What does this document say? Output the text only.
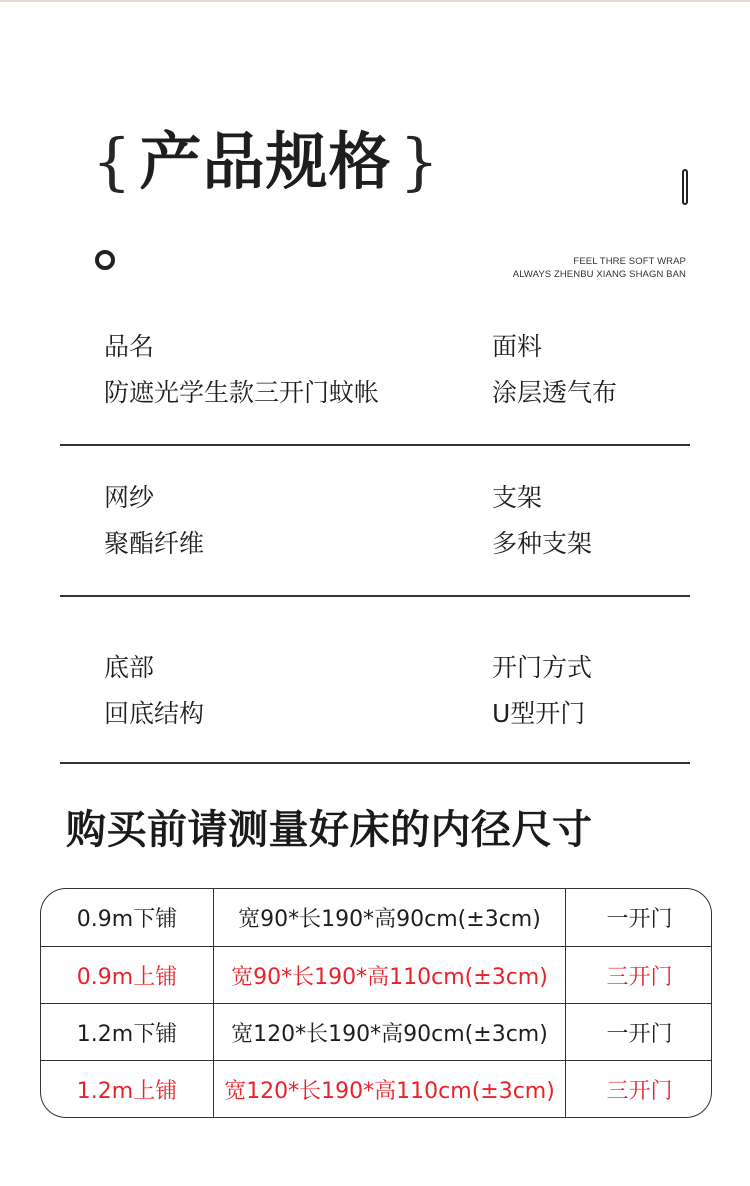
{ 产品规格 }
FEEL THRE SOFT WRAP
ALWAYS ZHENBU XIANG SHAGN BAN
品名
防遮光学生款三开门蚊帐
面料
涂层透气布
网纱
聚酯纤维
支架
多种支架
底部
回底结构
开门方式
U型开门
购买前请测量好床的内径尺寸
0.9m下铺	宽90*长190*高90cm(±3cm)	一开门
0.9m上铺	宽90*长190*高110cm(±3cm)	三开门
1.2m下铺	宽120*长190*高90cm(±3cm)	一开门
1.2m上铺	宽120*长190*高110cm(±3cm)	三开门
